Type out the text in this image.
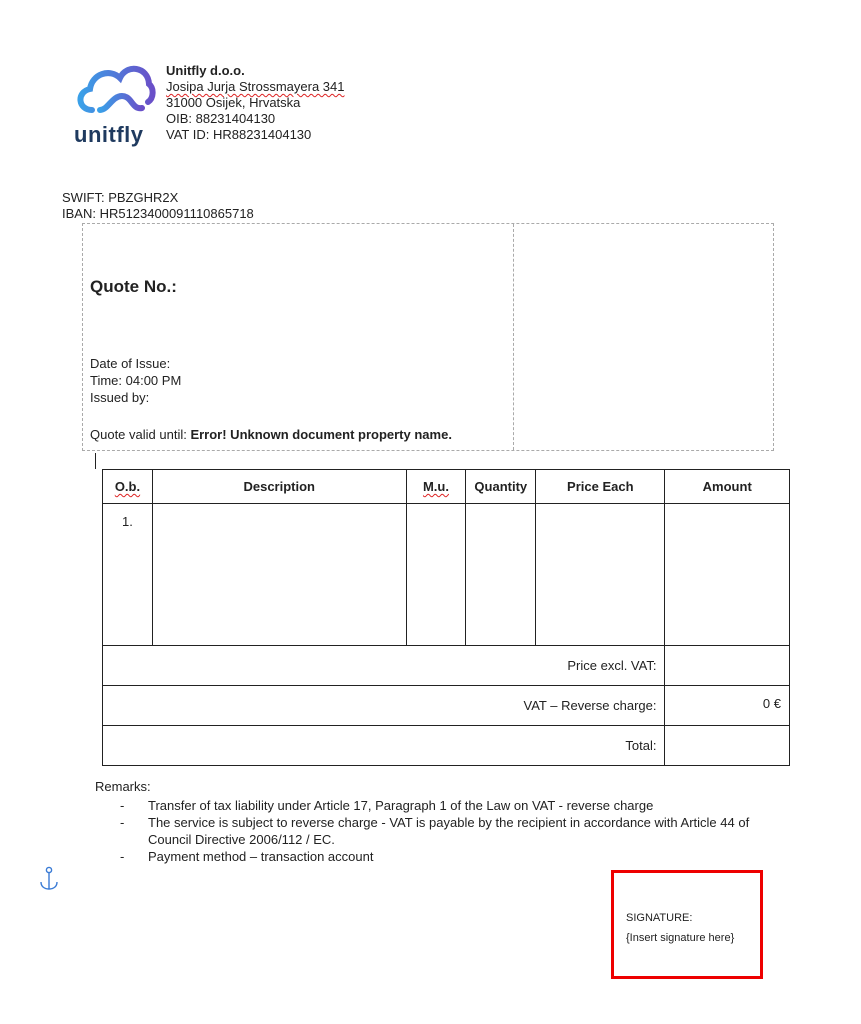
unitfly
Unitfly d.o.o.
Josipa Jurja Strossmayera 341
31000 Osijek, Hrvatska
OIB: 88231404130
VAT ID: HR88231404130
SWIFT: PBZGHR2X
IBAN: HR5123400091110865718
Quote No.:
Date of Issue:
Time: 04:00 PM
Issued by:
Quote valid until: Error! Unknown document property name.
O.b.	Description	M.u.	Quantity	Price Each	Amount
1.					
Price excl. VAT:					
VAT – Reverse charge:					0 €
Total:					
Remarks:
- Transfer of tax liability under Article 17, Paragraph 1 of the Law on VAT - reverse charge
- The service is subject to reverse charge - VAT is payable by the recipient in accordance with Article 44 of Council Directive 2006/112 / EC.
- Payment method – transaction account
SIGNATURE:
{Insert signature here}
